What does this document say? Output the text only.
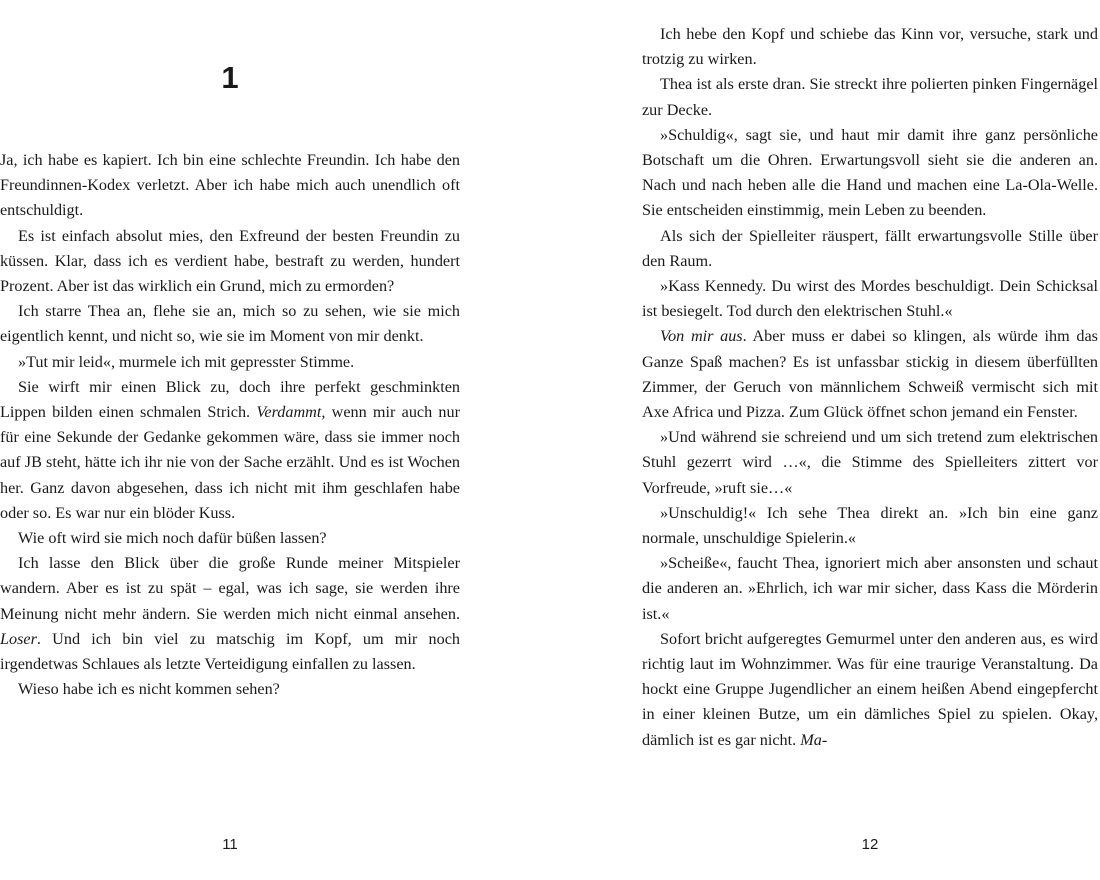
1

Ja, ich habe es kapiert. Ich bin eine schlechte Freundin. Ich habe den Freundinnen-Kodex verletzt. Aber ich habe mich auch unendlich oft entschuldigt.

Es ist einfach absolut mies, den Exfreund der besten Freundin zu küssen. Klar, dass ich es verdient habe, bestraft zu werden, hundert Prozent. Aber ist das wirklich ein Grund, mich zu ermorden?

Ich starre Thea an, flehe sie an, mich so zu sehen, wie sie mich eigentlich kennt, und nicht so, wie sie im Moment von mir denkt.

»Tut mir leid«, murmele ich mit gepresster Stimme.

Sie wirft mir einen Blick zu, doch ihre perfekt geschminkten Lippen bilden einen schmalen Strich. Verdammt, wenn mir auch nur für eine Sekunde der Gedanke gekommen wäre, dass sie immer noch auf JB steht, hätte ich ihr nie von der Sache erzählt. Und es ist Wochen her. Ganz davon abgesehen, dass ich nicht mit ihm geschlafen habe oder so. Es war nur ein blöder Kuss.

Wie oft wird sie mich noch dafür büßen lassen?

Ich lasse den Blick über die große Runde meiner Mitspieler wandern. Aber es ist zu spät – egal, was ich sage, sie werden ihre Meinung nicht mehr ändern. Sie werden mich nicht einmal ansehen. Loser. Und ich bin viel zu matschig im Kopf, um mir noch irgendetwas Schlaues als letzte Verteidigung einfallen zu lassen.

Wieso habe ich es nicht kommen sehen?

11

Ich hebe den Kopf und schiebe das Kinn vor, versuche, stark und trotzig zu wirken.

Thea ist als erste dran. Sie streckt ihre polierten pinken Fingernägel zur Decke.

»Schuldig«, sagt sie, und haut mir damit ihre ganz persönliche Botschaft um die Ohren. Erwartungsvoll sieht sie die anderen an. Nach und nach heben alle die Hand und machen eine La-Ola-Welle. Sie entscheiden einstimmig, mein Leben zu beenden.

Als sich der Spielleiter räuspert, fällt erwartungsvolle Stille über den Raum.

»Kass Kennedy. Du wirst des Mordes beschuldigt. Dein Schicksal ist besiegelt. Tod durch den elektrischen Stuhl.«

Von mir aus. Aber muss er dabei so klingen, als würde ihm das Ganze Spaß machen? Es ist unfassbar stickig in diesem überfüllten Zimmer, der Geruch von männlichem Schweiß vermischt sich mit Axe Africa und Pizza. Zum Glück öffnet schon jemand ein Fenster.

»Und während sie schreiend und um sich tretend zum elektrischen Stuhl gezerrt wird …«, die Stimme des Spielleiters zittert vor Vorfreude, »ruft sie…«

»Unschuldig!« Ich sehe Thea direkt an. »Ich bin eine ganz normale, unschuldige Spielerin.«

»Scheiße«, faucht Thea, ignoriert mich aber ansonsten und schaut die anderen an. »Ehrlich, ich war mir sicher, dass Kass die Mörderin ist.«

Sofort bricht aufgeregtes Gemurmel unter den anderen aus, es wird richtig laut im Wohnzimmer. Was für eine traurige Veranstaltung. Da hockt eine Gruppe Jugendlicher an einem heißen Abend eingepfercht in einer kleinen Butze, um ein dämliches Spiel zu spielen. Okay, dämlich ist es gar nicht. Ma-

12
